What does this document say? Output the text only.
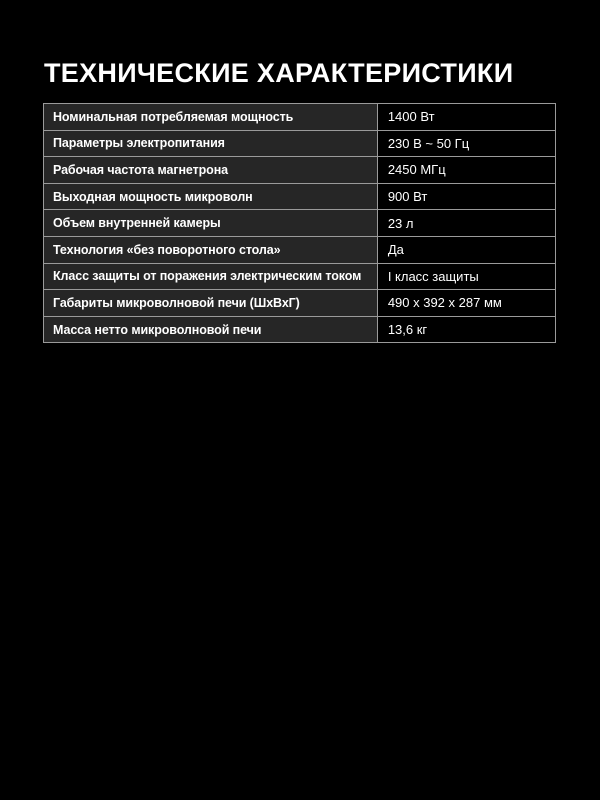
ТЕХНИЧЕСКИЕ ХАРАКТЕРИСТИКИ
Номинальная потребляемая мощность	1400 Вт
Параметры электропитания	230 В ~ 50 Гц
Рабочая частота магнетрона	2450 МГц
Выходная мощность микроволн	900 Вт
Объем внутренней камеры	23 л
Технология «без поворотного стола»	Да
Класс защиты от поражения электрическим током	I класс защиты
Габариты микроволновой печи (ШхВхГ)	490 x 392 x 287 мм
Масса нетто микроволновой печи	13,6 кг
